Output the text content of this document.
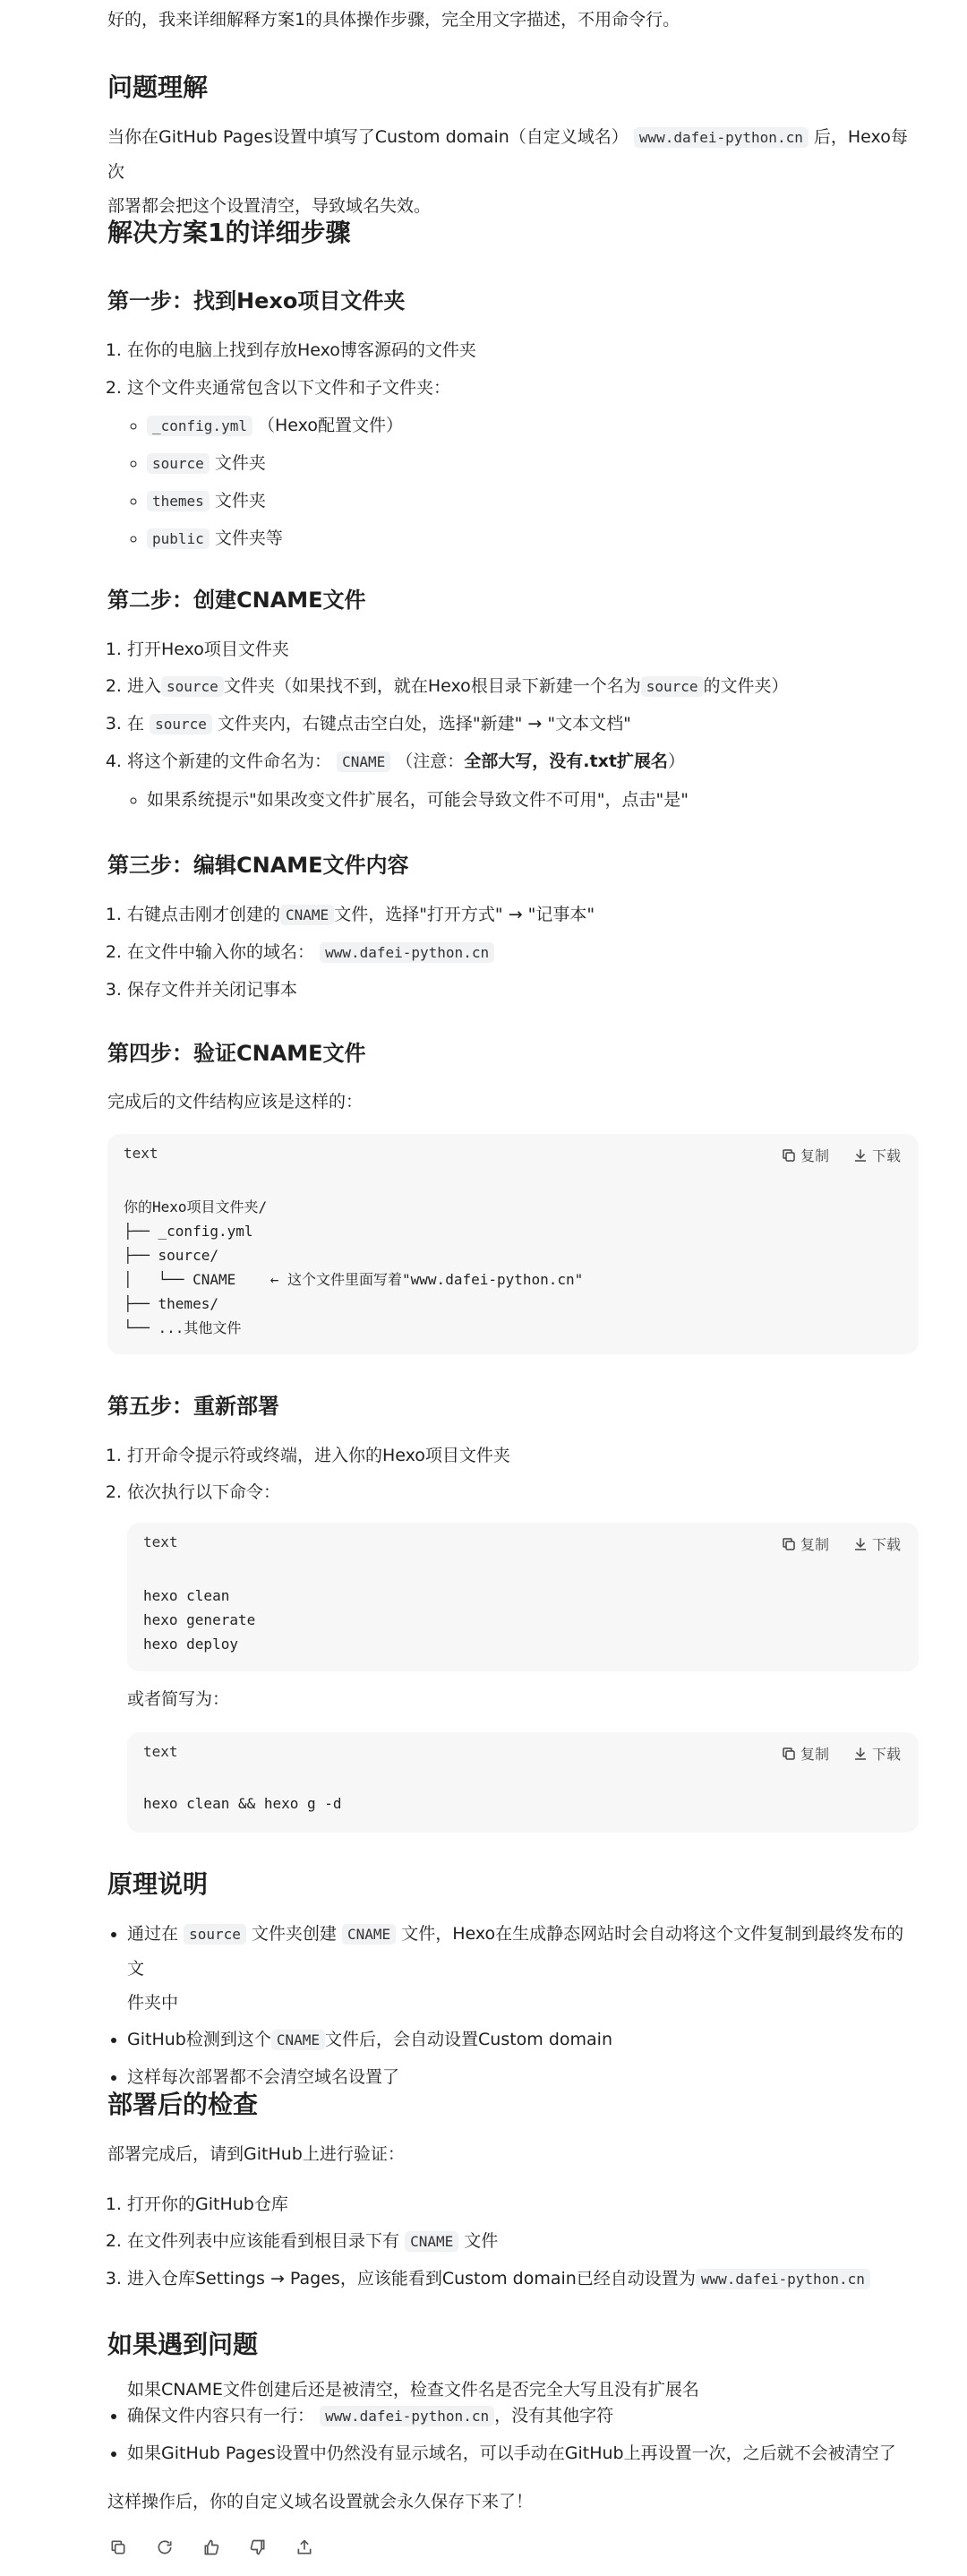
好的，我来详细解释方案1的具体操作步骤，完全用文字描述，不用命令行。
问题理解

当你在GitHub Pages设置中填写了Custom domain（自定义域名） www.dafei-python.cn 后，Hexo每次
部署都会把这个设置清空，导致域名失效。

解决方案1的详细步骤
第一步：找到Hexo项目文件夹
1. 在你的电脑上找到存放Hexo博客源码的文件夹
2. 这个文件夹通常包含以下文件和子文件夹：
◦ _config.yml （Hexo配置文件）
◦ source 文件夹
◦ themes 文件夹
◦ public 文件夹等
第二步：创建CNAME文件
1. 打开Hexo项目文件夹
2. 进入 source 文件夹（如果找不到，就在Hexo根目录下新建一个名为 source 的文件夹）
3. 在 source 文件夹内，右键点击空白处，选择"新建" → "文本文档"
4. 将这个新建的文件命名为： CNAME （注意：全部大写，没有.txt扩展名）
◦ 如果系统提示"如果改变文件扩展名，可能会导致文件不可用"，点击"是"
第三步：编辑CNAME文件内容
1. 右键点击刚才创建的 CNAME 文件，选择"打开方式" → "记事本"
2. 在文件中输入你的域名： www.dafei-python.cn
3. 保存文件并关闭记事本
第四步：验证CNAME文件

完成后的文件结构应该是这样的：

text	复制	下载
你的Hexo项目文件夹/
├── _config.yml
├── source/
│   └── CNAME    ← 这个文件里面写着"www.dafei-python.cn"
├── themes/
└── ...其他文件
第五步：重新部署
1. 打开命令提示符或终端，进入你的Hexo项目文件夹
2. 依次执行以下命令：
text	复制	下载
hexo clean
hexo generate
hexo deploy

或者简写为：

text	复制	下载
hexo clean && hexo g -d
原理说明
• 通过在 source 文件夹创建 CNAME 文件，Hexo在生成静态网站时会自动将这个文件复制到最终发布的文
件夹中
• GitHub检测到这个 CNAME 文件后，会自动设置Custom domain
• 这样每次部署都不会清空域名设置了
部署后的检查

部署完成后，请到GitHub上进行验证：

1. 打开你的GitHub仓库
2. 在文件列表中应该能看到根目录下有 CNAME 文件
3. 进入仓库Settings → Pages，应该能看到Custom domain已经自动设置为 www.dafei-python.cn
如果遇到问题
• 如果CNAME文件创建后还是被清空，检查文件名是否完全大写且没有扩展名
• 确保文件内容只有一行： www.dafei-python.cn ，没有其他字符
• 如果GitHub Pages设置中仍然没有显示域名，可以手动在GitHub上再设置一次，之后就不会被清空了

这样操作后，你的自定义域名设置就会永久保存下来了！
